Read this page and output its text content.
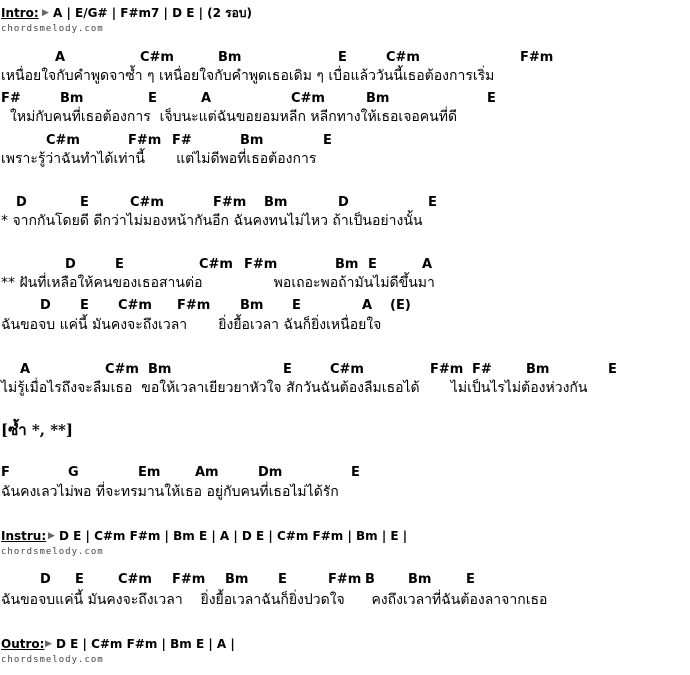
Intro: ▶ A | E/G# | F#m7 | D E | (2 รอบ)
chordsmelody.com
A	C#m	Bm	E	C#m	F#m
เหนื่อยใจกับคำพูดจาซ้ำ ๆ เหนื่อยใจกับคำพูดเธอเดิม ๆ เบื่อแล้ววันนี้เธอต้องการเริ่ม
F#	Bm	E	A	C#m	Bm	E
ใหม่กับคนที่เธอต้องการ  เจ็บนะแต่ฉันขอยอมหลีก หลีกทางให้เธอเจอคนที่ดี
C#m	F#m F#	Bm	E
เพราะรู้ว่าฉันทำได้เท่านี้       แต่ไม่ดีพอที่เธอต้องการ
D	E	C#m	F#m Bm	D	E
* จากกันโดยดี ดีกว่าไม่มองหน้ากันอีก ฉันคงทนไม่ไหว ถ้าเป็นอย่างนั้น
D	E	C#m F#m	Bm E	A
** ฝันที่เหลือให้คนของเธอสานต่อ                พอเถอะพอถ้ามันไม่ดีขึ้นมา
D E C#m F#m Bm E	A (E)
ฉันขอจบ แค่นี้ มันคงจะถึงเวลา       ยิ่งยื้อเวลา ฉันก็ยิ่งเหนื่อยใจ
A	C#m Bm	E	C#m	F#m F#	Bm	E
ไม่รู้เมื่อไรถึงจะลืมเธอ  ขอให้เวลาเยียวยาหัวใจ สักวันฉันต้องลืมเธอได้       ไม่เป็นไรไม่ต้องห่วงกัน
[ซ้ำ *, **]
F	G	Em	Am	Dm	E
ฉันคงเลวไม่พอ ที่จะทรมานให้เธอ อยู่กับคนที่เธอไม่ได้รัก
Instru: ▶ D E | C#m F#m | Bm E | A | D E | C#m F#m | Bm | E |
chordsmelody.com
D E	C#m F#m Bm E	F#m B	Bm	E
ฉันขอจบแค่นี้ มันคงจะถึงเวลา    ยิ่งยื้อเวลาฉันก็ยิ่งปวดใจ      คงถึงเวลาที่ฉันต้องลาจากเธอ
Outro: ▶ D E | C#m F#m | Bm E | A |
chordsmelody.com
